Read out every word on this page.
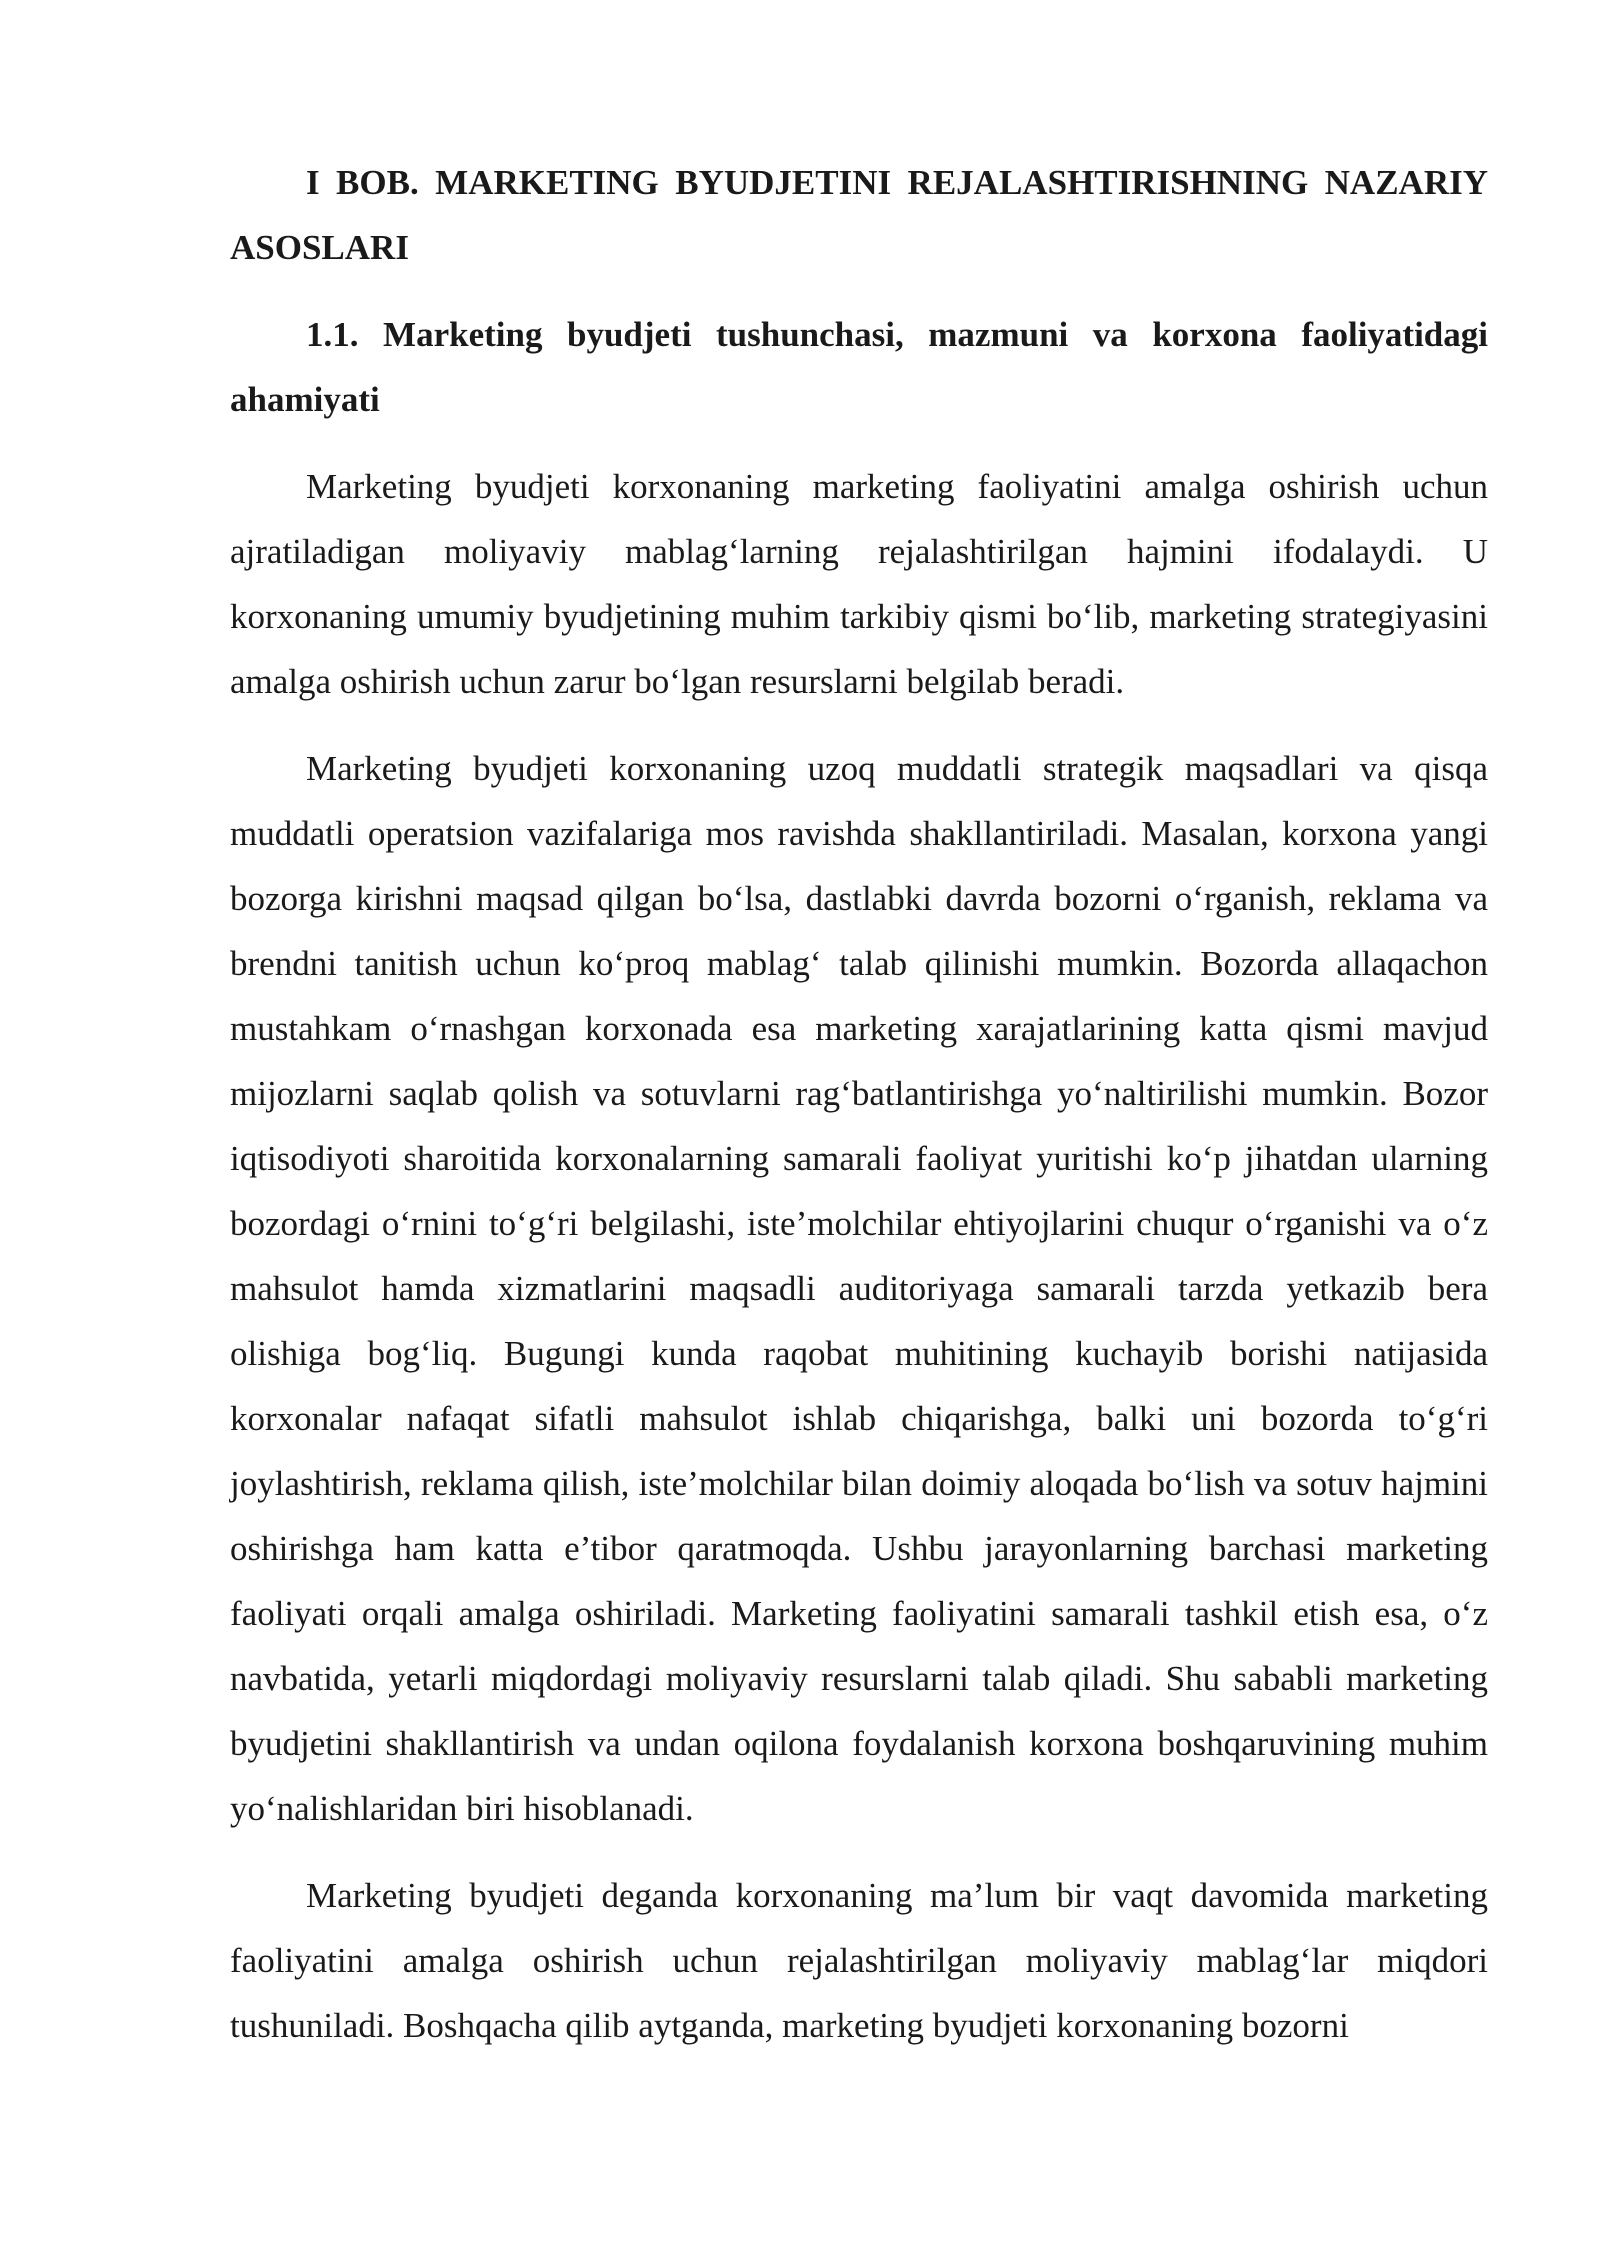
I BOB. MARKETING BYUDJETINI REJALASHTIRISHNING NAZARIY ASOSLARI

1.1. Marketing byudjeti tushunchasi, mazmuni va korxona faoliyatidagi ahamiyati

Marketing byudjeti korxonaning marketing faoliyatini amalga oshirish uchun ajratiladigan moliyaviy mablag‘larning rejalashtirilgan hajmini ifodalaydi. U korxonaning umumiy byudjetining muhim tarkibiy qismi bo‘lib, marketing strategiyasini amalga oshirish uchun zarur bo‘lgan resurslarni belgilab beradi.

Marketing byudjeti korxonaning uzoq muddatli strategik maqsadlari va qisqa muddatli operatsion vazifalariga mos ravishda shakllantiriladi. Masalan, korxona yangi bozorga kirishni maqsad qilgan bo‘lsa, dastlabki davrda bozorni o‘rganish, reklama va brendni tanitish uchun ko‘proq mablag‘ talab qilinishi mumkin. Bozorda allaqachon mustahkam o‘rnashgan korxonada esa marketing xarajatlarining katta qismi mavjud mijozlarni saqlab qolish va sotuvlarni rag‘batlantirishga yo‘naltirilishi mumkin. Bozor iqtisodiyoti sharoitida korxonalarning samarali faoliyat yuritishi ko‘p jihatdan ularning bozordagi o‘rnini to‘g‘ri belgilashi, iste’molchilar ehtiyojlarini chuqur o‘rganishi va o‘z mahsulot hamda xizmatlarini maqsadli auditoriyaga samarali tarzda yetkazib bera olishiga bog‘liq. Bugungi kunda raqobat muhitining kuchayib borishi natijasida korxonalar nafaqat sifatli mahsulot ishlab chiqarishga, balki uni bozorda to‘g‘ri joylashtirish, reklama qilish, iste’molchilar bilan doimiy aloqada bo‘lish va sotuv hajmini oshirishga ham katta e’tibor qaratmoqda. Ushbu jarayonlarning barchasi marketing faoliyati orqali amalga oshiriladi. Marketing faoliyatini samarali tashkil etish esa, o‘z navbatida, yetarli miqdordagi moliyaviy resurslarni talab qiladi. Shu sababli marketing byudjetini shakllantirish va undan oqilona foydalanish korxona boshqaruvining muhim yo‘nalishlaridan biri hisoblanadi.

Marketing byudjeti deganda korxonaning ma’lum bir vaqt davomida marketing faoliyatini amalga oshirish uchun rejalashtirilgan moliyaviy mablag‘lar miqdori tushuniladi. Boshqacha qilib aytganda, marketing byudjeti korxonaning bozorni
